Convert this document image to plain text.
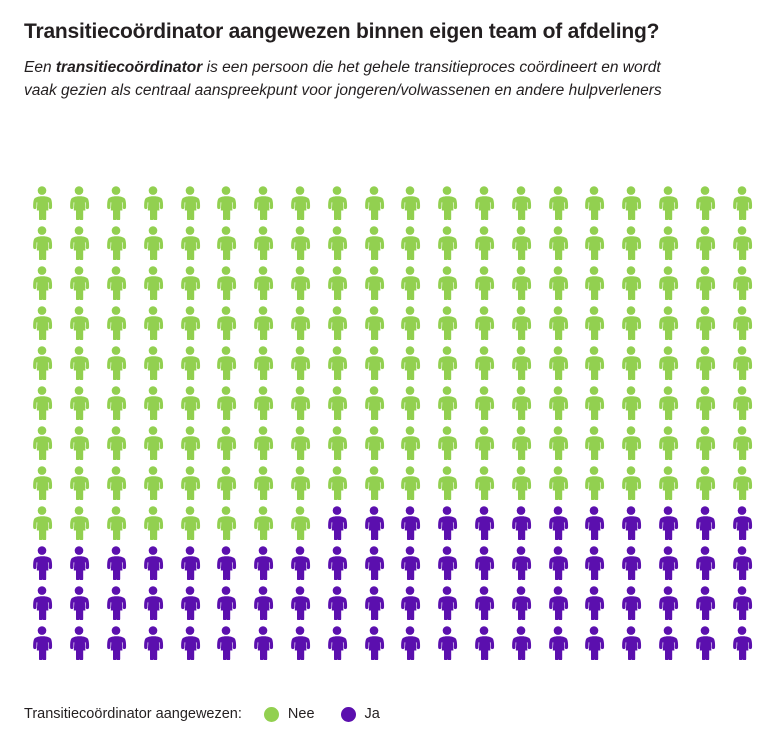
Transitiecoördinator aangewezen binnen eigen team of afdeling?

Een transitiecoördinator is een persoon die het gehele transitieproces coördineert en wordt vaak gezien als centraal aanspreekpunt voor jongeren/volwassenen en andere hulpverleners

Transitiecoördinator aangewezen:	Nee	Ja
